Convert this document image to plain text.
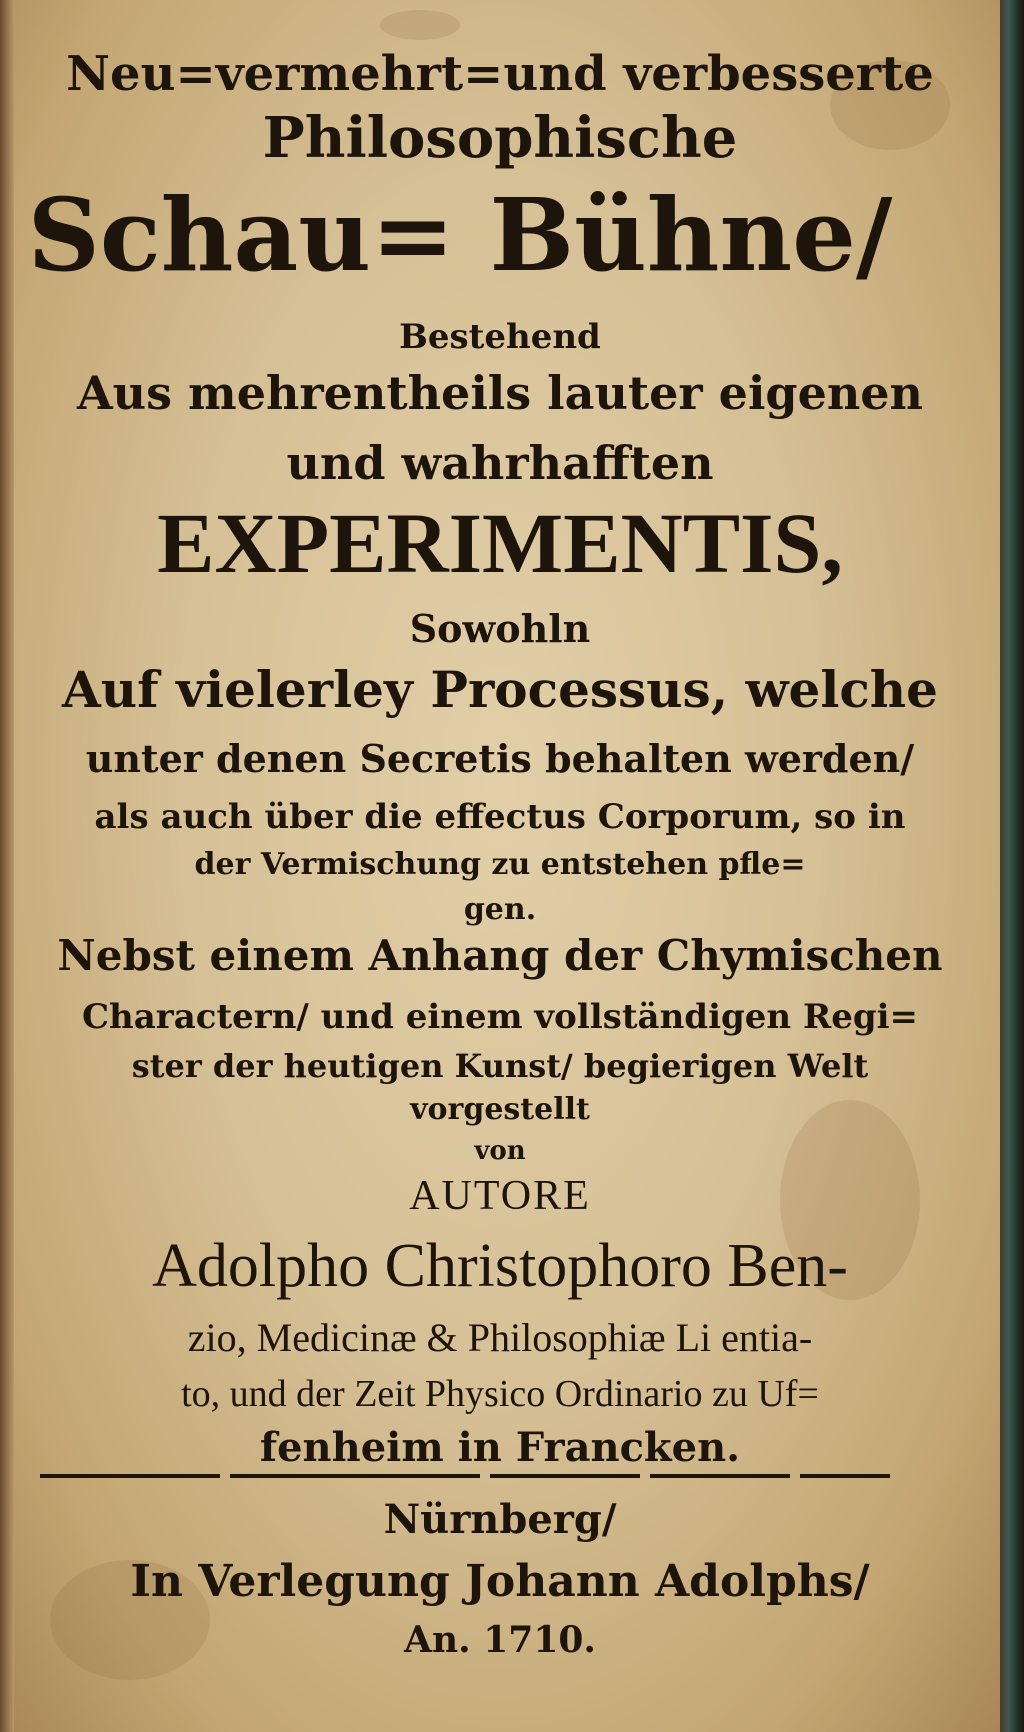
Neu=vermehrt=und verbesserte
Philosophische
Schau= Bühne/
Bestehend
Aus mehrentheils lauter eigenen
und wahrhafften
EXPERIMENTIS,
Sowohln
Auf vielerley Processus, welche
unter denen Secretis behalten werden/
als auch über die effectus Corporum, so in
der Vermischung zu entstehen pfle=
gen.
Nebst einem Anhang der Chymischen
Charactern/ und einem vollständigen Regi=
ster der heutigen Kunst/ begierigen Welt
vorgestellt
von
AUTORE
Adolpho Christophoro Ben-
zio, Medicinæ & Philosophiæ Li entia-
to, und der Zeit Physico Ordinario zu Uf=
fenheim in Francken.
Nürnberg/
In Verlegung Johann Adolphs/
An. 1710.
